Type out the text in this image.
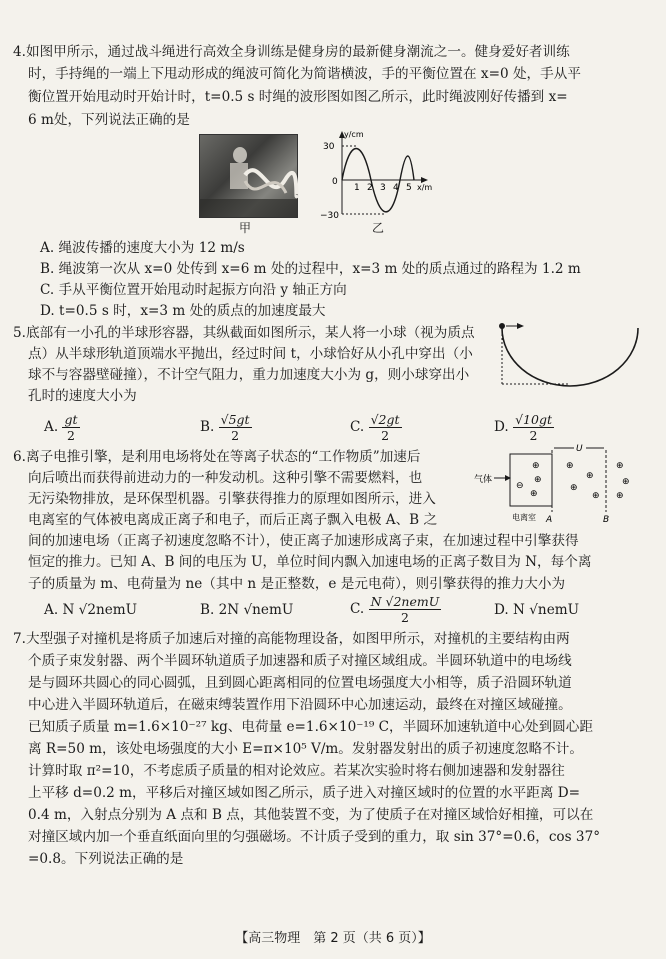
4.如图甲所示，通过战斗绳进行高效全身训练是健身房的最新健身潮流之一。健身爱好者训练
时，手持绳的一端上下甩动形成的绳波可简化为简谐横波，手的平衡位置在 x=0 处，手从平
衡位置开始甩动时开始计时，t=0.5 s 时绳的波形图如图乙所示，此时绳波刚好传播到 x=
6 m处，下列说法正确的是
甲
y/cm
x/m
30
0
−30
1 2 3 4 5
乙
A. 绳波传播的速度大小为 12 m/s
B. 绳波第一次从 x=0 处传到 x=6 m 处的过程中，x=3 m 处的质点通过的路程为 1.2 m
C. 手从平衡位置开始甩动时起振方向沿 y 轴正方向
D. t=0.5 s 时，x=3 m 处的质点的加速度最大
5.底部有一小孔的半球形容器，其纵截面如图所示，某人将一小球（视为质点
点）从半球形轨道顶端水平抛出，经过时间 t，小球恰好从小孔中穿出（小
球不与容器壁碰撞），不计空气阻力，重力加速度大小为 g，则小球穿出小
孔时的速度大小为
A. $\frac{gt}{2}$	B. $\frac{√5gt}{2}$	C. $\frac{√2gt}{2}$	D. $\frac{√10gt}{2}$
6.离子电推引擎，是利用电场将处在等离子状态的“工作物质”加速后
向后喷出而获得前进动力的一种发动机。这种引擎不需要燃料，也
无污染物排放，是环保型机器。引擎获得推力的原理如图所示，进入
电离室的气体被电离成正离子和电子，而后正离子飘入电极 A、B 之
间的加速电场（正离子初速度忽略不计），使正离子加速形成离子束，在加速过程中引擎获得
恒定的推力。已知 A、B 间的电压为 U，单位时间内飘入加速电场的正离子数目为 N，每个离
子的质量为 m、电荷量为 ne（其中 n 是正整数，e 是元电荷），则引擎获得的推力大小为
气体
⊕
⊕
⊕
⊖
U
⊕
⊕
⊕
⊕
⊕
⊕
⊕
电离室 A	B
A. N √2nemU	B. 2N √nemU	C. $\frac{\text{N √2nemU}}{2}$	D. N √nemU
7.大型强子对撞机是将质子加速后对撞的高能物理设备，如图甲所示，对撞机的主要结构由两
个质子束发射器、两个半圆环轨道质子加速器和质子对撞区域组成。半圆环轨道中的电场线
是与圆环共圆心的同心圆弧，且到圆心距离相同的位置电场强度大小相等，质子沿圆环轨道
中心进入半圆环轨道后，在磁束缚装置作用下沿圆环中心加速运动，最终在对撞区域碰撞。
已知质子质量 m=1.6×10⁻²⁷ kg、电荷量 e=1.6×10⁻¹⁹ C，半圆环加速轨道中心处到圆心距
离 R=50 m，该处电场强度的大小 E=π×10⁵ V/m。发射器发射出的质子初速度忽略不计。
计算时取 π²=10，不考虑质子质量的相对论效应。若某次实验时将右侧加速器和发射器往
上平移 d=0.2 m，平移后对撞区域如图乙所示，质子进入对撞区域时的位置的水平距离 D=
0.4 m，入射点分别为 A 点和 B 点，其他装置不变，为了使质子在对撞区域恰好相撞，可以在
对撞区域内加一个垂直纸面向里的匀强磁场。不计质子受到的重力，取 sin 37°=0.6，cos 37°
=0.8。下列说法正确的是
【高三物理　第 2 页（共 6 页）】
